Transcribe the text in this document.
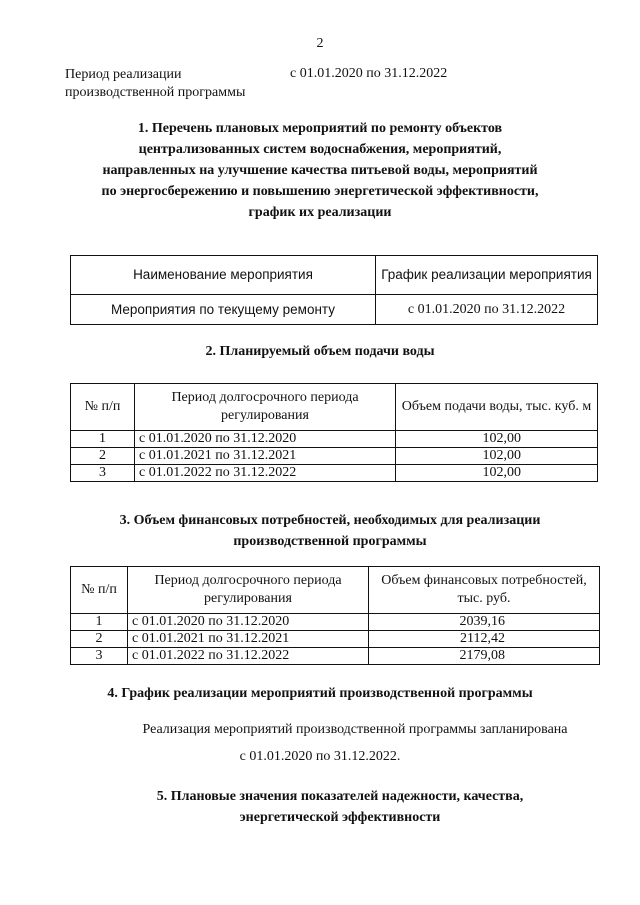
2
Период реализации производственной программы
с 01.01.2020 по 31.12.2022
1. Перечень плановых мероприятий по ремонту объектов централизованных систем водоснабжения, мероприятий, направленных на улучшение качества питьевой воды, мероприятий по энергосбережению и повышению энергетической эффективности, график их реализации
Наименование мероприятия	График реализации мероприятия
Мероприятия по текущему ремонту	с 01.01.2020 по 31.12.2022
2. Планируемый объем подачи воды
№ п/п	Период долгосрочного периода регулирования	Объем подачи воды, тыс. куб. м
1	с 01.01.2020 по 31.12.2020	102,00
2	с 01.01.2021 по 31.12.2021	102,00
3	с 01.01.2022 по 31.12.2022	102,00
3. Объем финансовых потребностей, необходимых для реализации производственной программы
№ п/п	Период долгосрочного периода регулирования	Объем финансовых потребностей, тыс. руб.
1	с 01.01.2020 по 31.12.2020	2039,16
2	с 01.01.2021 по 31.12.2021	2112,42
3	с 01.01.2022 по 31.12.2022	2179,08
4. График реализации мероприятий производственной программы
Реализация мероприятий производственной программы запланирована
с 01.01.2020 по 31.12.2022.
5. Плановые значения показателей надежности, качества, энергетической эффективности
